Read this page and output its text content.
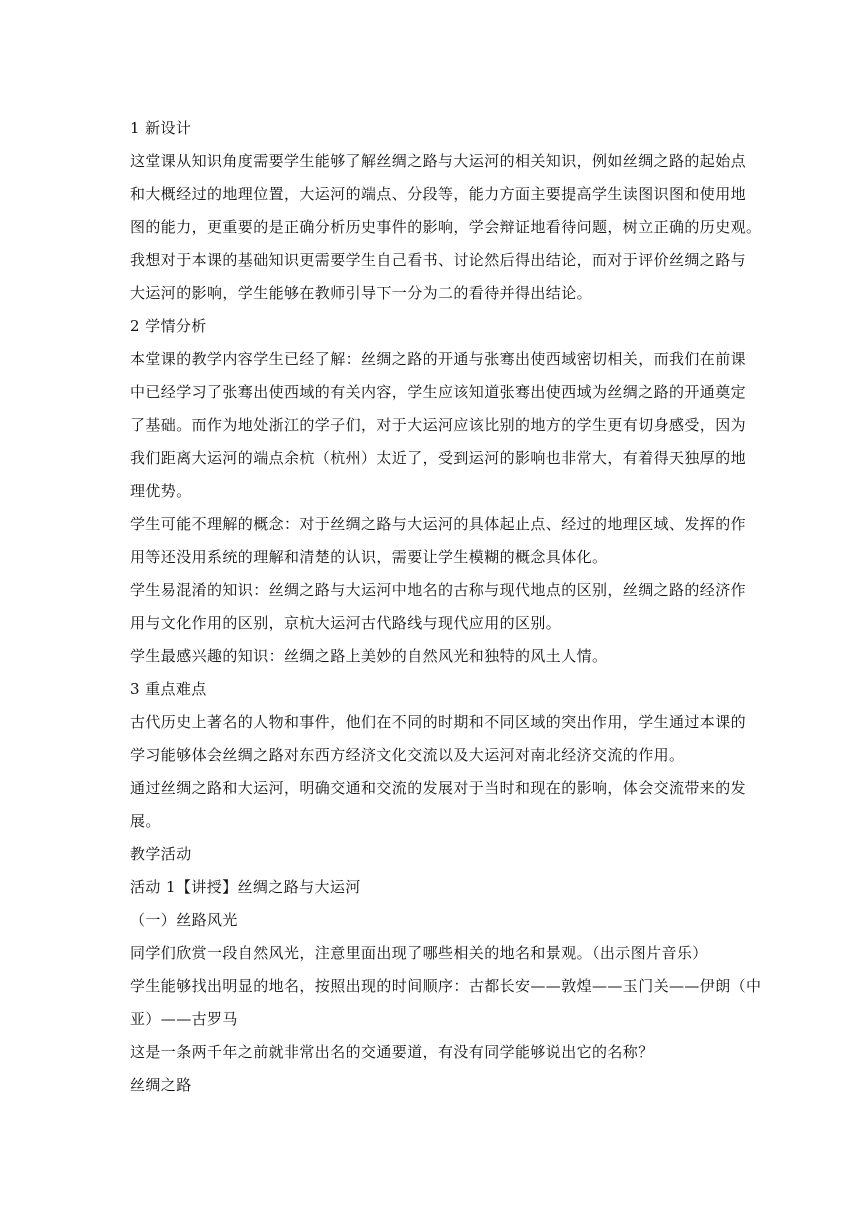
1 新设计

这堂课从知识角度需要学生能够了解丝绸之路与大运河的相关知识，例如丝绸之路的起始点

和大概经过的地理位置，大运河的端点、分段等，能力方面主要提高学生读图识图和使用地

图的能力，更重要的是正确分析历史事件的影响，学会辩证地看待问题，树立正确的历史观。

我想对于本课的基础知识更需要学生自己看书、讨论然后得出结论，而对于评价丝绸之路与

大运河的影响，学生能够在教师引导下一分为二的看待并得出结论。

2 学情分析

本堂课的教学内容学生已经了解：丝绸之路的开通与张骞出使西域密切相关，而我们在前课

中已经学习了张骞出使西域的有关内容，学生应该知道张骞出使西域为丝绸之路的开通奠定

了基础。而作为地处浙江的学子们，对于大运河应该比别的地方的学生更有切身感受，因为

我们距离大运河的端点余杭（杭州）太近了，受到运河的影响也非常大，有着得天独厚的地

理优势。

学生可能不理解的概念：对于丝绸之路与大运河的具体起止点、经过的地理区域、发挥的作

用等还没用系统的理解和清楚的认识，需要让学生模糊的概念具体化。

学生易混淆的知识：丝绸之路与大运河中地名的古称与现代地点的区别，丝绸之路的经济作

用与文化作用的区别，京杭大运河古代路线与现代应用的区别。

学生最感兴趣的知识：丝绸之路上美妙的自然风光和独特的风土人情。

3 重点难点

古代历史上著名的人物和事件，他们在不同的时期和不同区域的突出作用，学生通过本课的

学习能够体会丝绸之路对东西方经济文化交流以及大运河对南北经济交流的作用。

通过丝绸之路和大运河，明确交通和交流的发展对于当时和现在的影响，体会交流带来的发

展。

教学活动

活动 1【讲授】丝绸之路与大运河

（一）丝路风光

同学们欣赏一段自然风光，注意里面出现了哪些相关的地名和景观。（出示图片音乐）

学生能够找出明显的地名，按照出现的时间顺序：古都长安——敦煌——玉门关——伊朗（中

亚）——古罗马

这是一条两千年之前就非常出名的交通要道，有没有同学能够说出它的名称？

丝绸之路
